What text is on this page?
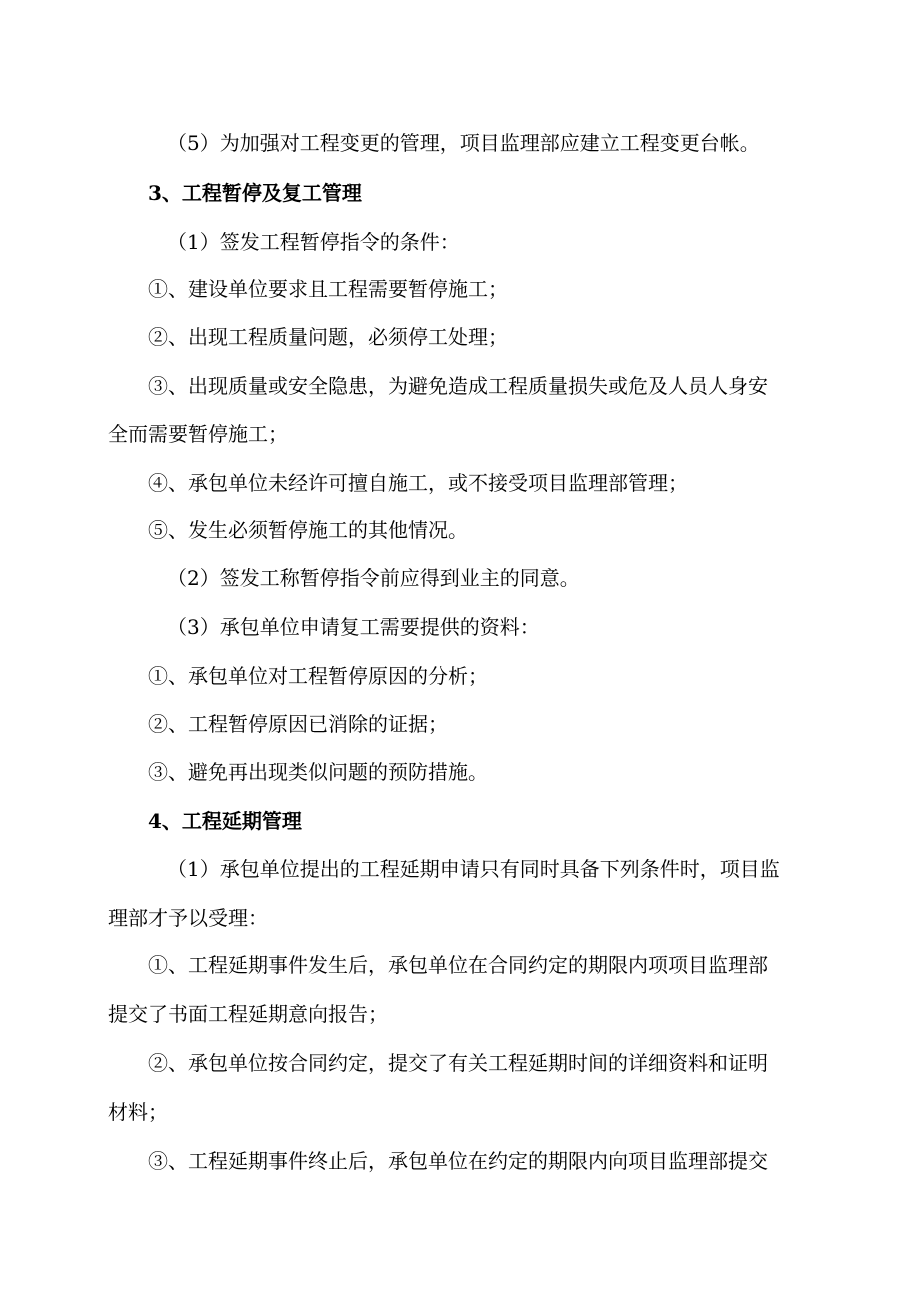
（5）为加强对工程变更的管理，项目监理部应建立工程变更台帐。
3、工程暂停及复工管理
（1）签发工程暂停指令的条件：
①、建设单位要求且工程需要暂停施工；
②、出现工程质量问题，必须停工处理；
③、出现质量或安全隐患，为避免造成工程质量损失或危及人员人身安
全而需要暂停施工；
④、承包单位未经许可擅自施工，或不接受项目监理部管理；
⑤、发生必须暂停施工的其他情况。
（2）签发工称暂停指令前应得到业主的同意。
（3）承包单位申请复工需要提供的资料：
①、承包单位对工程暂停原因的分析；
②、工程暂停原因已消除的证据；
③、避免再出现类似问题的预防措施。
4、工程延期管理
（1）承包单位提出的工程延期申请只有同时具备下列条件时，项目监
理部才予以受理：
①、工程延期事件发生后，承包单位在合同约定的期限内项项目监理部
提交了书面工程延期意向报告；
②、承包单位按合同约定，提交了有关工程延期时间的详细资料和证明
材料；
③、工程延期事件终止后，承包单位在约定的期限内向项目监理部提交
